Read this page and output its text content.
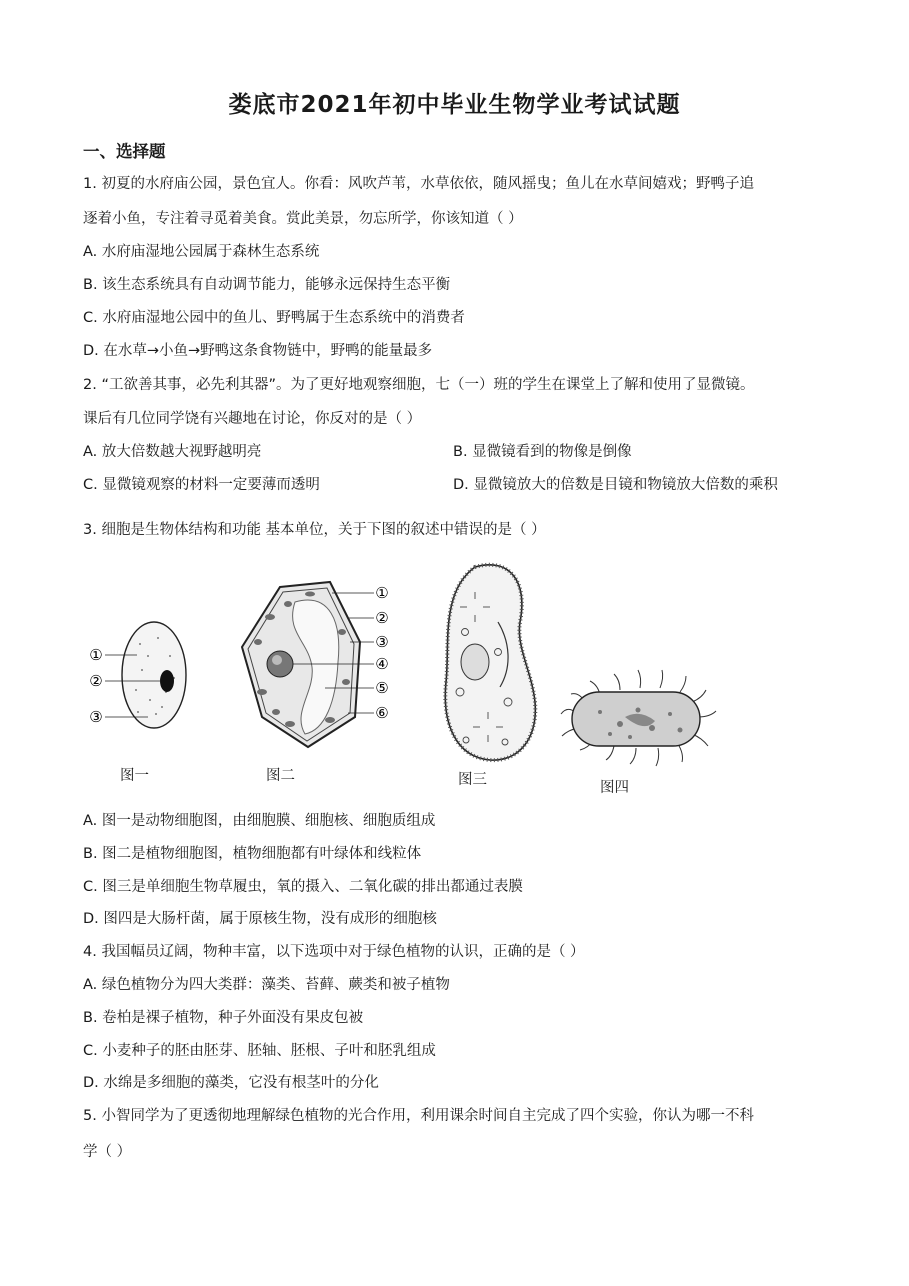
娄底市2021年初中毕业生物学业考试试题
一、选择题
1. 初夏的水府庙公园，景色宜人。你看：风吹芦苇，水草依依，随风摇曳；鱼儿在水草间嬉戏；野鸭子追
逐着小鱼，专注着寻觅着美食。赏此美景，勿忘所学，你该知道（ ）
A. 水府庙湿地公园属于森林生态系统
B. 该生态系统具有自动调节能力，能够永远保持生态平衡
C. 水府庙湿地公园中的鱼儿、野鸭属于生态系统中的消费者
D. 在水草→小鱼→野鸭这条食物链中，野鸭的能量最多
2. “工欲善其事，必先利其器”。为了更好地观察细胞，七（一）班的学生在课堂上了解和使用了显微镜。
课后有几位同学饶有兴趣地在讨论，你反对的是（ ）
A. 放大倍数越大视野越明亮	B. 显微镜看到的物像是倒像
C. 显微镜观察的材料一定要薄而透明	D. 显微镜放大的倍数是目镜和物镜放大倍数的乘积
3. 细胞是生物体结构和功能 基本单位，关于下图的叙述中错误的是（ ）
①
②
③
①
②
③
④
⑤
⑥
图一	图二	图三	图四
A. 图一是动物细胞图，由细胞膜、细胞核、细胞质组成
B. 图二是植物细胞图，植物细胞都有叶绿体和线粒体
C. 图三是单细胞生物草履虫，氧的摄入、二氧化碳的排出都通过表膜
D. 图四是大肠杆菌，属于原核生物，没有成形的细胞核
4. 我国幅员辽阔，物种丰富，以下选项中对于绿色植物的认识，正确的是（ ）
A. 绿色植物分为四大类群：藻类、苔藓、蕨类和被子植物
B. 卷柏是裸子植物，种子外面没有果皮包被
C. 小麦种子的胚由胚芽、胚轴、胚根、子叶和胚乳组成
D. 水绵是多细胞的藻类，它没有根茎叶的分化
5. 小智同学为了更透彻地理解绿色植物的光合作用，利用课余时间自主完成了四个实验，你认为哪一不科
学（ ）
